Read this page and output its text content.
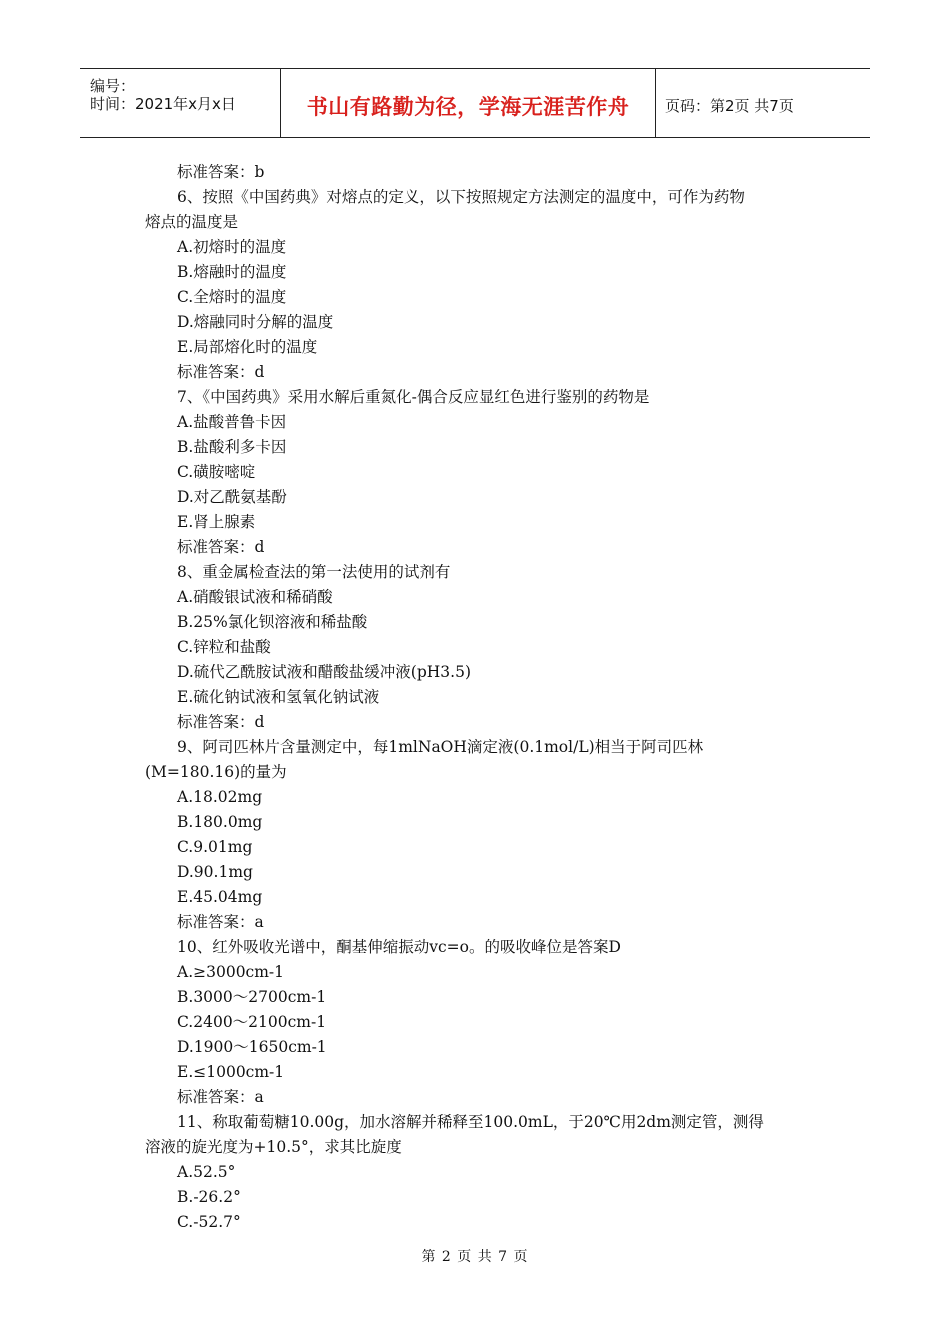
编号：
时间：2021年x月x日	书山有路勤为径，学海无涯苦作舟	页码：第2页 共7页
标准答案：b
6、按照《中国药典》对熔点的定义，以下按照规定方法测定的温度中，可作为药物
熔点的温度是
A.初熔时的温度
B.熔融时的温度
C.全熔时的温度
D.熔融同时分解的温度
E.局部熔化时的温度
标准答案：d
7、《中国药典》采用水解后重氮化-偶合反应显红色进行鉴别的药物是
A.盐酸普鲁卡因
B.盐酸利多卡因
C.磺胺嘧啶
D.对乙酰氨基酚
E.肾上腺素
标准答案：d
8、重金属检查法的第一法使用的试剂有
A.硝酸银试液和稀硝酸
B.25%氯化钡溶液和稀盐酸
C.锌粒和盐酸
D.硫代乙酰胺试液和醋酸盐缓冲液(pH3.5)
E.硫化钠试液和氢氧化钠试液
标准答案：d
9、阿司匹林片含量测定中，每1mlNaOH滴定液(0.1mol/L)相当于阿司匹林
(M=180.16)的量为
A.18.02mg
B.180.0mg
C.9.01mg
D.90.1mg
E.45.04mg
标准答案：a
10、红外吸收光谱中，酮基伸缩振动vc=o。的吸收峰位是答案D
A.≥3000cm-1
B.3000～2700cm-1
C.2400～2100cm-1
D.1900～1650cm-1
E.≤1000cm-1
标准答案：a
11、称取葡萄糖10.00g，加水溶解并稀释至100.0mL，于20℃用2dm测定管，测得
溶液的旋光度为+10.5°，求其比旋度
A.52.5°
B.-26.2°
C.-52.7°
第 2 页 共 7 页
